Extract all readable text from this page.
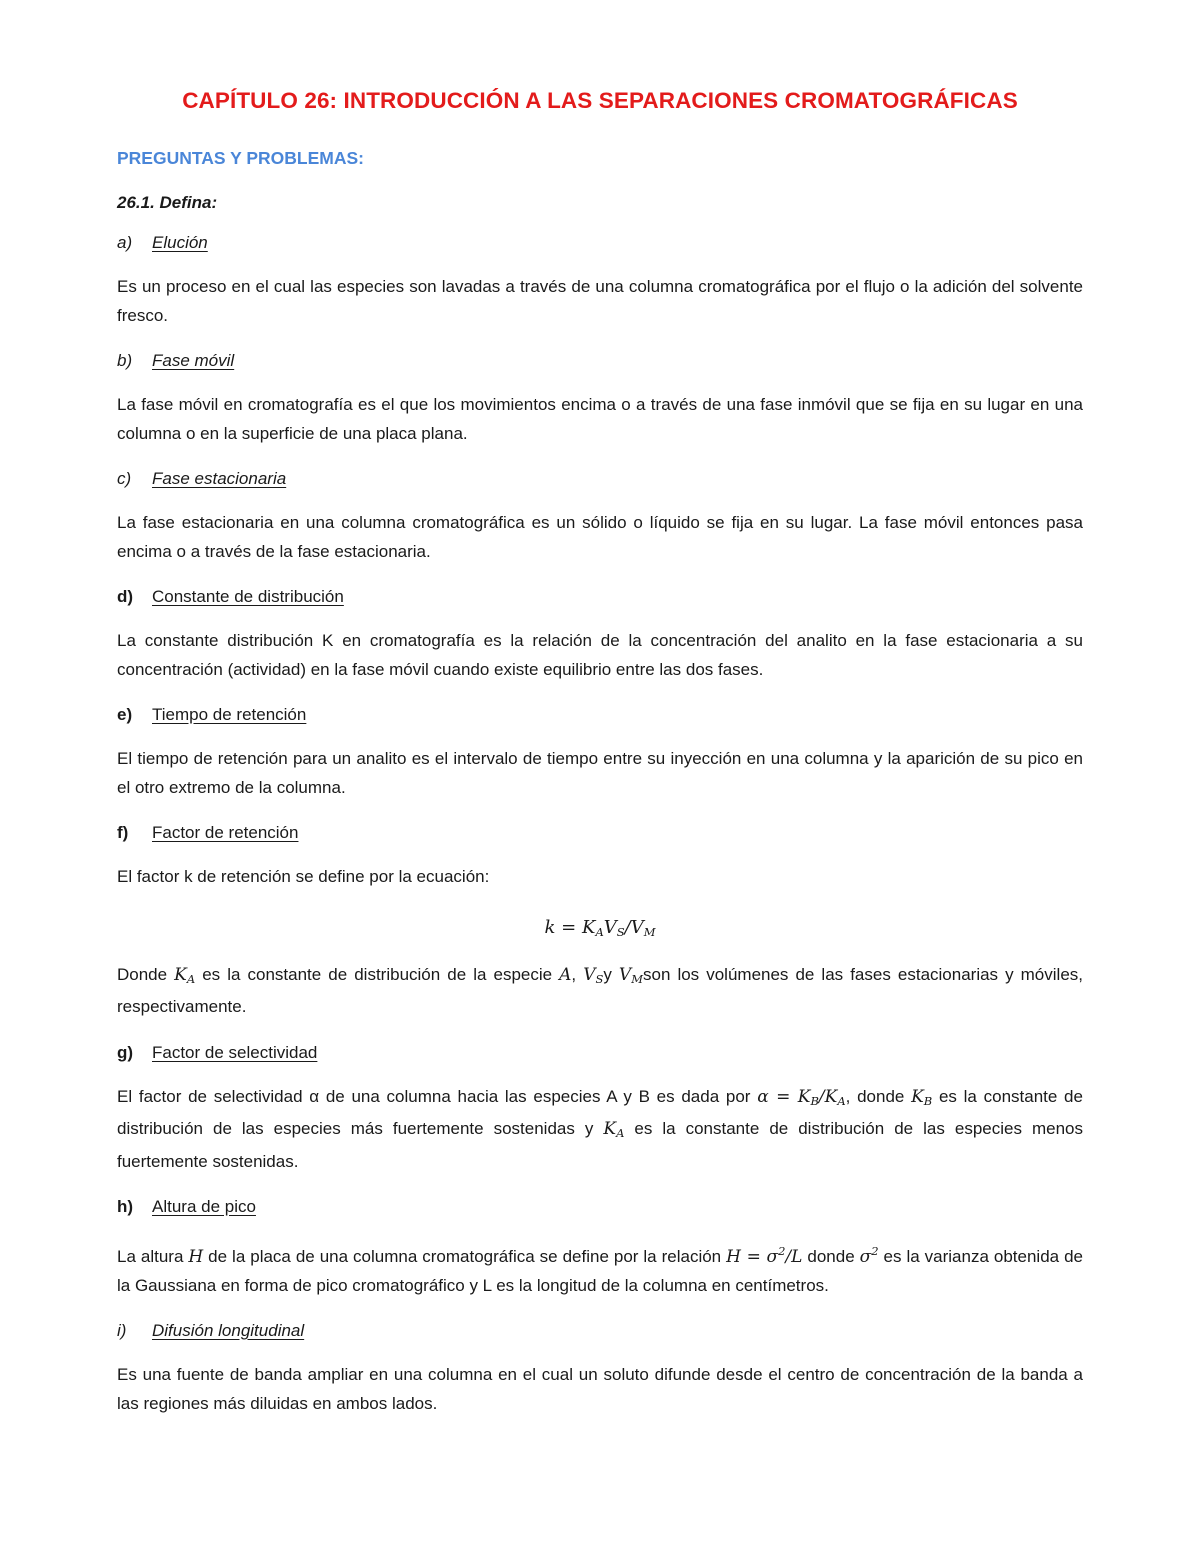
CAPÍTULO 26: INTRODUCCIÓN A LAS SEPARACIONES CROMATOGRÁFICAS
PREGUNTAS Y PROBLEMAS:
26.1. Defina:
a) Elución
Es un proceso en el cual las especies son lavadas a través de una columna cromatográfica por el flujo o la adición del solvente fresco.
b) Fase móvil
La fase móvil en cromatografía es el que los movimientos encima o a través de una fase inmóvil que se fija en su lugar en una columna o en la superficie de una placa plana.
c) Fase estacionaria
La fase estacionaria en una columna cromatográfica es un sólido o líquido se fija en su lugar. La fase móvil entonces pasa encima o a través de la fase estacionaria.
d) Constante de distribución
La constante distribución K en cromatografía es la relación de la concentración del analito en la fase estacionaria a su concentración (actividad) en la fase móvil cuando existe equilibrio entre las dos fases.
e) Tiempo de retención
El tiempo de retención para un analito es el intervalo de tiempo entre su inyección en una columna y la aparición de su pico en el otro extremo de la columna.
f) Factor de retención
El factor k de retención se define por la ecuación:
$k = K_AV_S/V_M$
Donde $K_A$ es la constante de distribución de la especie A, $V_Sy$ $V_Mson$ los volúmenes de las fases estacionarias y móviles, respectivamente.
g) Factor de selectividad
El factor de selectividad α de una columna hacia las especies A y B es dada por $\alpha = K_B/K_A$, donde $K_B$ es la constante de distribución de las especies más fuertemente sostenidas y $K_A$ es la constante de distribución de las especies menos fuertemente sostenidas.
h) Altura de pico
La altura H de la placa de una columna cromatográfica se define por la relación $H = \sigma^2/L$ donde $\sigma^2$ es la varianza obtenida de la Gaussiana en forma de pico cromatográfico y L es la longitud de la columna en centímetros.
i) Difusión longitudinal
Es una fuente de banda ampliar en una columna en el cual un soluto difunde desde el centro de concentración de la banda a las regiones más diluidas en ambos lados.
